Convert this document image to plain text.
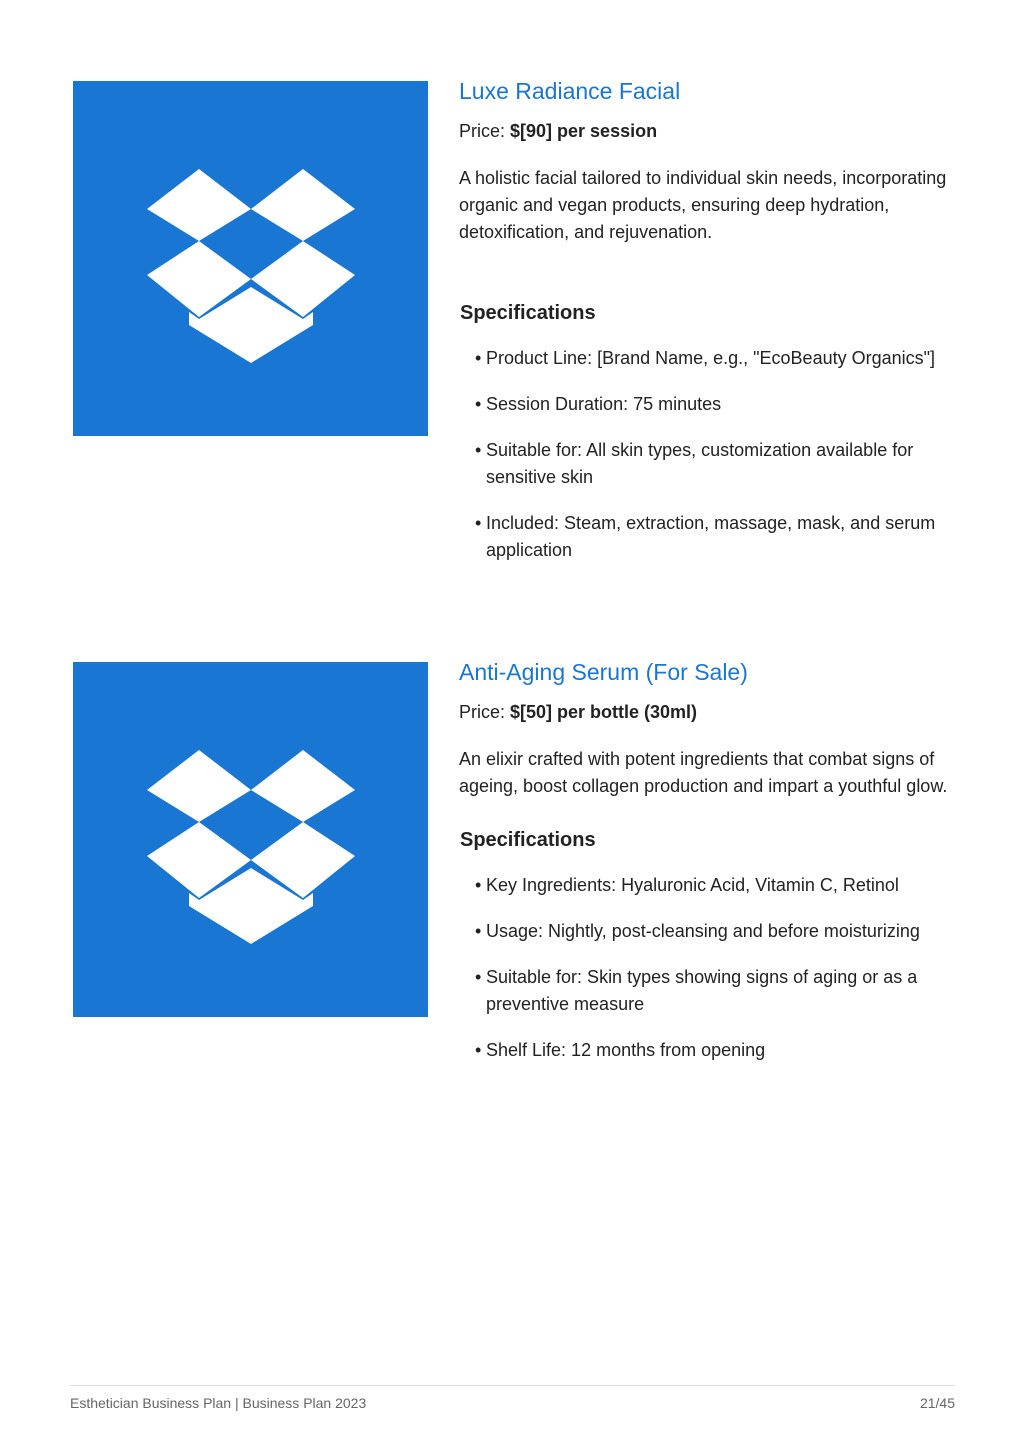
Luxe Radiance Facial

Price: $[90] per session

A holistic facial tailored to individual skin needs, incorporating organic and vegan products, ensuring deep hydration, detoxification, and rejuvenation.

Specifications
• Product Line: [Brand Name, e.g., "EcoBeauty Organics"]
• Session Duration: 75 minutes
• Suitable for: All skin types, customization available for sensitive skin
• Included: Steam, extraction, massage, mask, and serum application
Anti-Aging Serum (For Sale)

Price: $[50] per bottle (30ml)

An elixir crafted with potent ingredients that combat signs of ageing, boost collagen production and impart a youthful glow.

Specifications
• Key Ingredients: Hyaluronic Acid, Vitamin C, Retinol
• Usage: Nightly, post-cleansing and before moisturizing
• Suitable for: Skin types showing signs of aging or as a preventive measure
• Shelf Life: 12 months from opening
Esthetician Business Plan | Business Plan 2023	21/45
